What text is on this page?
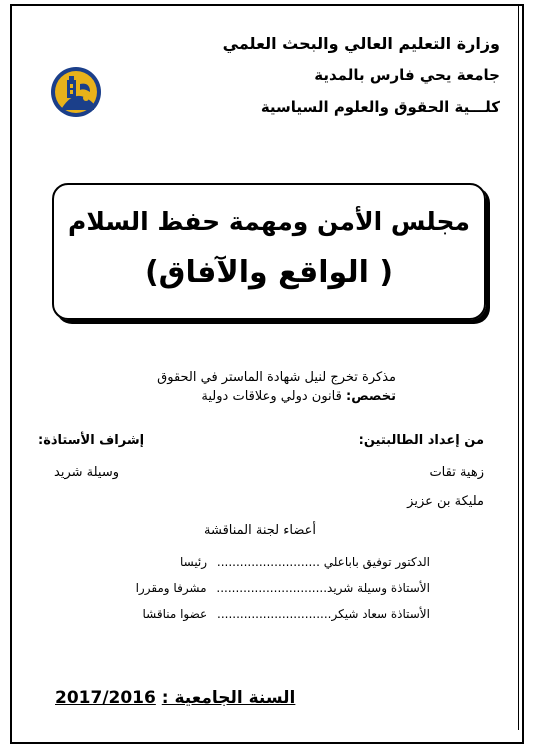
وزارة التعليم العالي والبحث العلمي
جامعة يحي فارس بالمدية
كلـــية الحقوق والعلوم السياسية
مجلس الأمن ومهمة حفظ السلام
( الواقع والآفاق)
مذكرة تخرج لنيل شهادة الماستر في الحقوق
تخصص: قانون دولي وعلاقات دولية
من إعداد الطالبتين:
إشراف الأستاذة:
زهية تقات
وسيلة شريد
مليكة بن عزيز
أعضاء لجنة المناقشة
الدكتور توفيق باباعلي ........................... رئيسا
الأستاذة وسيلة شريد............................. مشرفا ومقررا
الأستاذة سعاد شيكر.............................. عضوا مناقشا
السنة الجامعية : 2017/2016
